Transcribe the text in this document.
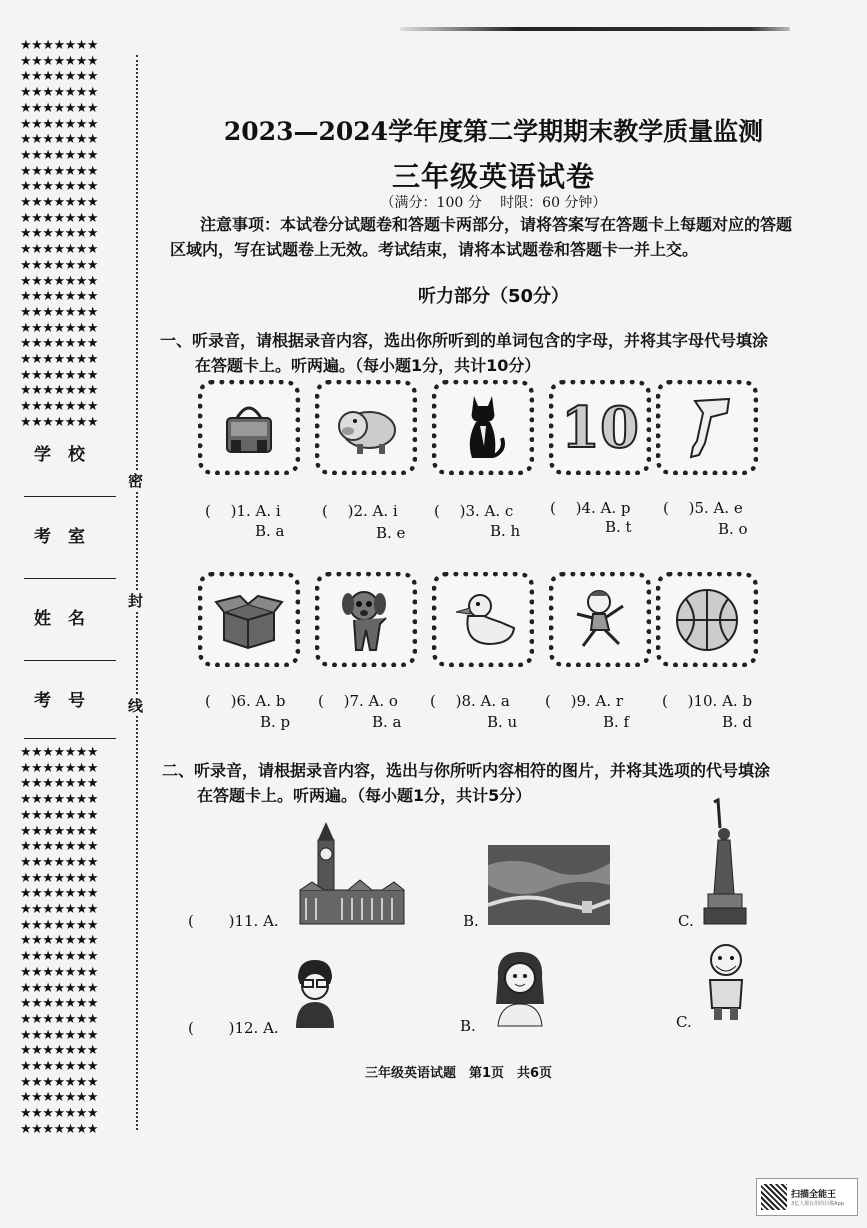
★★★★★★★
★★★★★★★
★★★★★★★
★★★★★★★
★★★★★★★
★★★★★★★
★★★★★★★
★★★★★★★
★★★★★★★
★★★★★★★
★★★★★★★
★★★★★★★
★★★★★★★
★★★★★★★
★★★★★★★
★★★★★★★
★★★★★★★
★★★★★★★
★★★★★★★
★★★★★★★
★★★★★★★
★★★★★★★
★★★★★★★
★★★★★★★
★★★★★★★
★★★★★★★
★★★★★★★
★★★★★★★
★★★★★★★
★★★★★★★
★★★★★★★
★★★★★★★
★★★★★★★
★★★★★★★
★★★★★★★
★★★★★★★
★★★★★★★
★★★★★★★
★★★★★★★
★★★★★★★
★★★★★★★
★★★★★★★
★★★★★★★
★★★★★★★
★★★★★★★
★★★★★★★
★★★★★★★
★★★★★★★
★★★★★★★
★★★★★★★
学　校
考　室
姓　名
考　号
密
封
线
2023—2024学年度第二学期期末教学质量监测
三年级英语试卷
（满分：100 分　 时限：60 分钟）
注意事项：本试卷分试题卷和答题卡两部分，请将答案写在答题卡上每题对应的答题区域内，写在试题卷上无效。考试结束，请将本试题卷和答题卡一并上交。
听力部分（50分）
一、听录音，请根据录音内容，选出你所听到的单词包含的字母，并将其字母代号填涂
在答题卡上。听两遍。（每小题1分，共计10分）
10
(　 )1. A. i
B. a
(　 )2. A. i
B. e
(　 )3. A. c
B. h
(　 )4. A. p
B. t
(　 )5. A. e
B. o
(　 )6. A. b
B. p
(　 )7. A. o
B. a
(　 )8. A. a
B. u
(　 )9. A. r
B. f
(　 )10. A. b
B. d
二、听录音，请根据录音内容，选出与你所听内容相符的图片，并将其选项的代号填涂
在答题卡上。听两遍。（每小题1分，共计5分）
(　　 )11. A.	B.	C.
(　　 )12. A.	B.	C.
三年级英语试题　第1页　共6页
扫描全能王
3亿人都在用的扫描App
